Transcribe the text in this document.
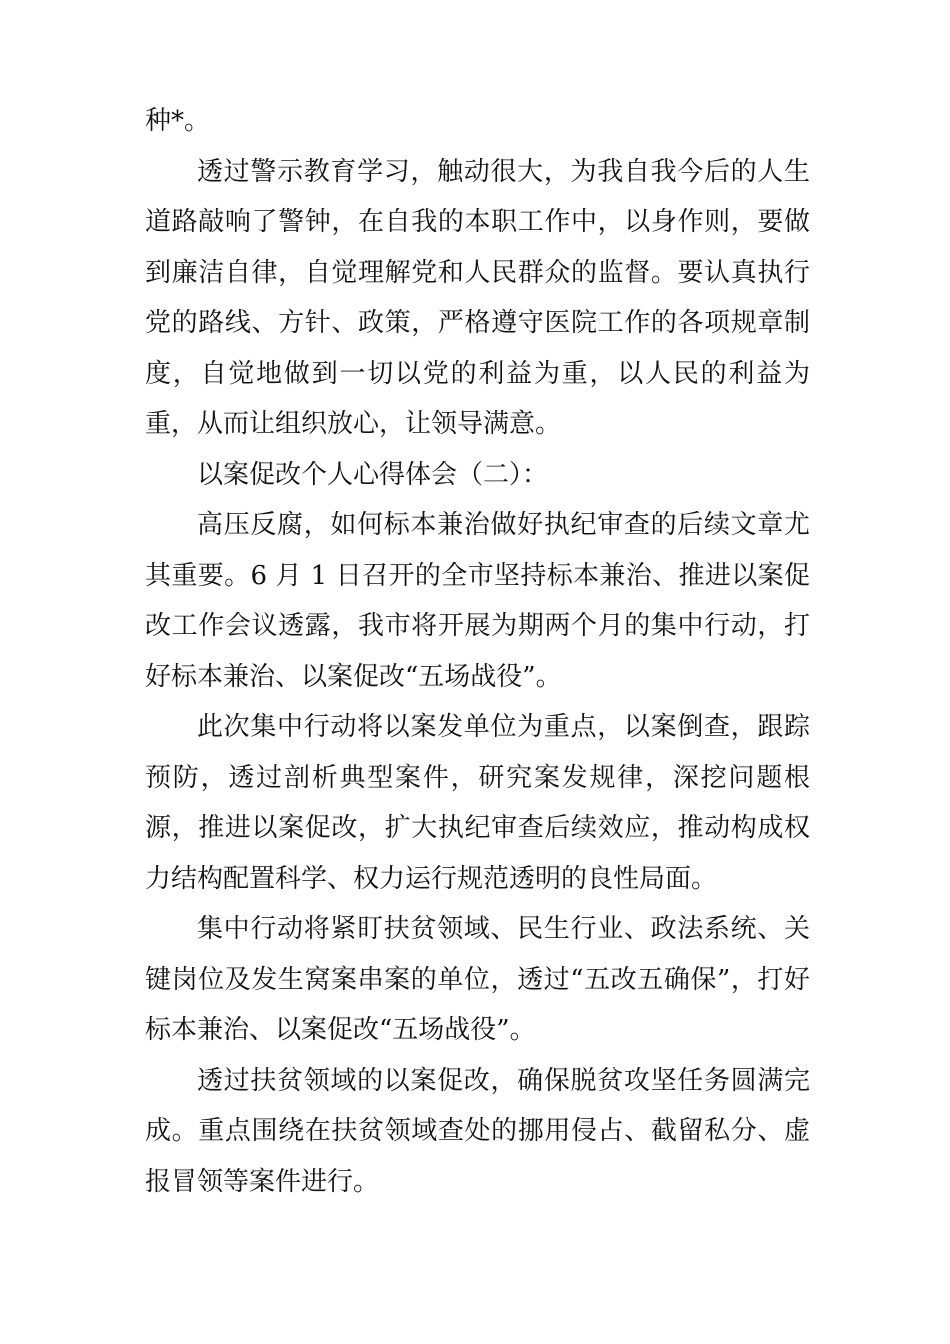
种*。

透过警示教育学习，触动很大，为我自我今后的人生道路敲响了警钟，在自我的本职工作中，以身作则，要做到廉洁自律，自觉理解党和人民群众的监督。要认真执行党的路线、方针、政策，严格遵守医院工作的各项规章制度，自觉地做到一切以党的利益为重，以人民的利益为重，从而让组织放心，让领导满意。

以案促改个人心得体会（二）：

高压反腐，如何标本兼治做好执纪审查的后续文章尤其重要。6 月 1 日召开的全市坚持标本兼治、推进以案促改工作会议透露，我市将开展为期两个月的集中行动，打好标本兼治、以案促改“五场战役”。

此次集中行动将以案发单位为重点，以案倒查，跟踪预防，透过剖析典型案件，研究案发规律，深挖问题根源，推进以案促改，扩大执纪审查后续效应，推动构成权力结构配置科学、权力运行规范透明的良性局面。

集中行动将紧盯扶贫领域、民生行业、政法系统、关键岗位及发生窝案串案的单位，透过“五改五确保”，打好标本兼治、以案促改“五场战役”。

透过扶贫领域的以案促改，确保脱贫攻坚任务圆满完成。重点围绕在扶贫领域查处的挪用侵占、截留私分、虚报冒领等案件进行。
